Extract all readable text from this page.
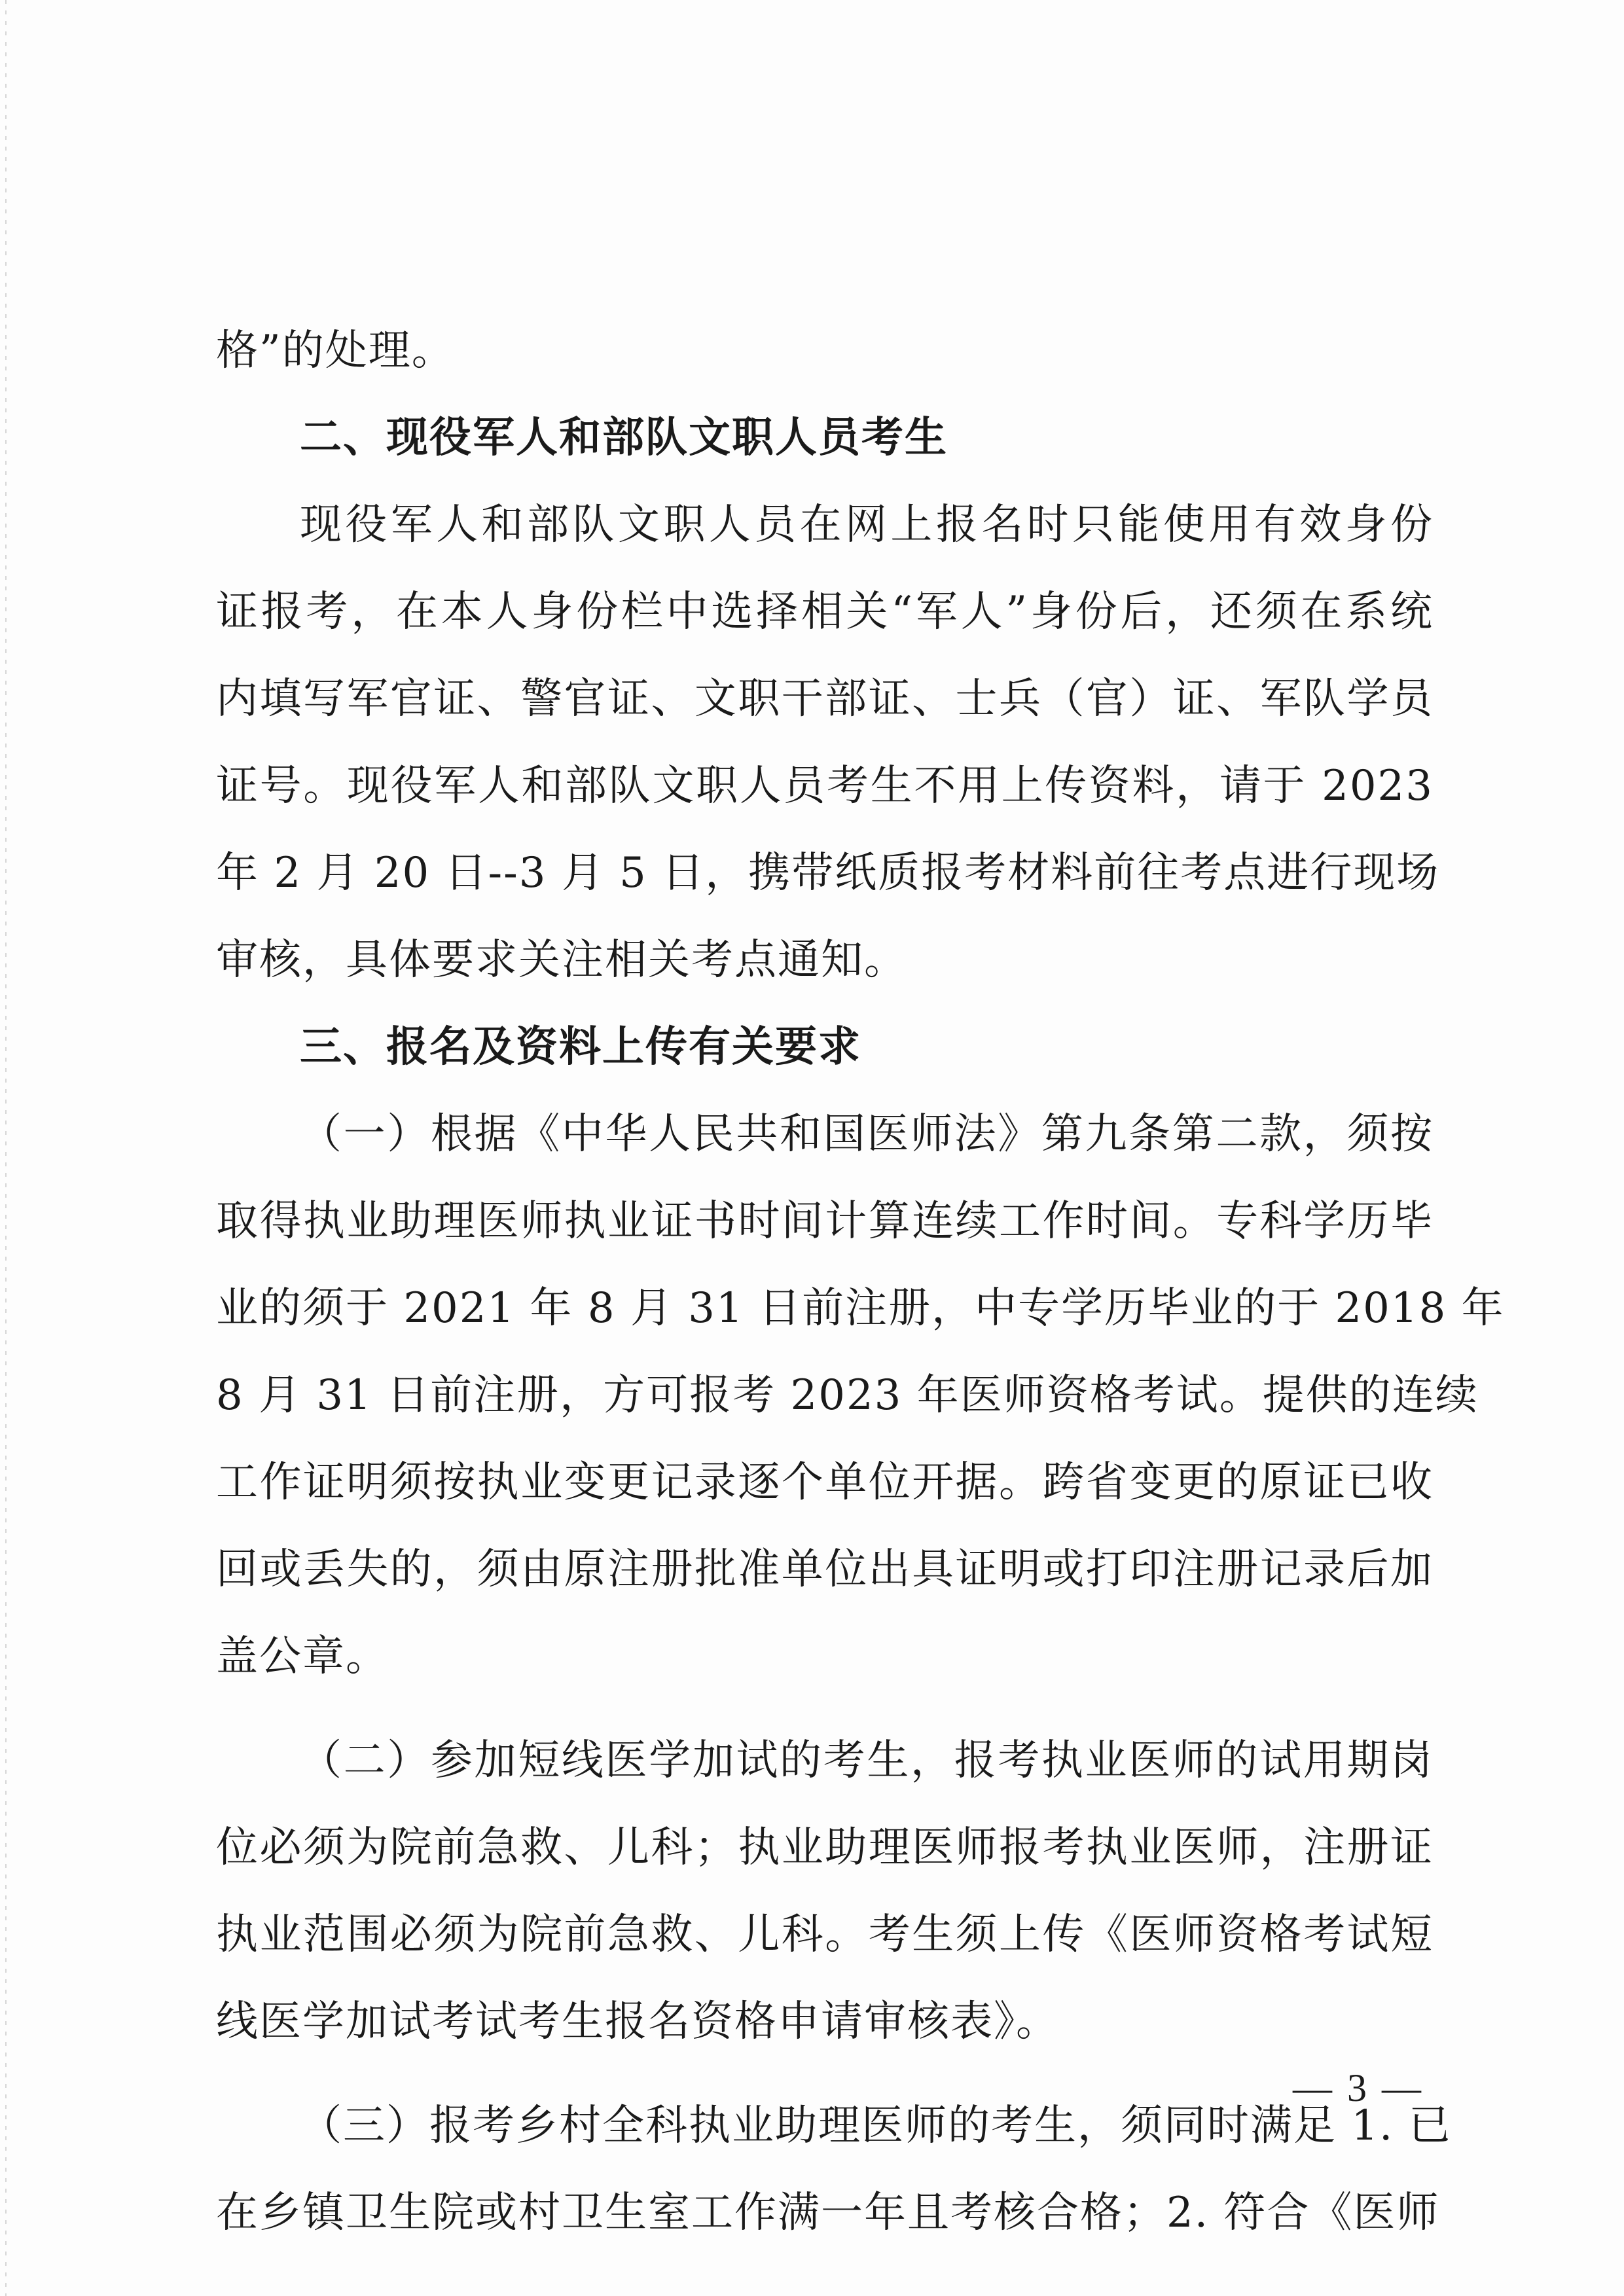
格”的处理。
二、现役军人和部队文职人员考生
现役军人和部队文职人员在网上报名时只能使用有效身份
证报考，在本人身份栏中选择相关“军人”身份后，还须在系统
内填写军官证、警官证、文职干部证、士兵（官）证、军队学员
证号。现役军人和部队文职人员考生不用上传资料，请于 2023
年 2 月 20 日--3 月 5 日，携带纸质报考材料前往考点进行现场
审核，具体要求关注相关考点通知。
三、报名及资料上传有关要求
（一）根据《中华人民共和国医师法》第九条第二款，须按
取得执业助理医师执业证书时间计算连续工作时间。专科学历毕
业的须于 2021 年 8 月 31 日前注册，中专学历毕业的于 2018 年
8 月 31 日前注册，方可报考 2023 年医师资格考试。提供的连续
工作证明须按执业变更记录逐个单位开据。跨省变更的原证已收
回或丢失的，须由原注册批准单位出具证明或打印注册记录后加
盖公章。
（二）参加短线医学加试的考生，报考执业医师的试用期岗
位必须为院前急救、儿科；执业助理医师报考执业医师，注册证
执业范围必须为院前急救、儿科。考生须上传《医师资格考试短
线医学加试考试考生报名资格申请审核表》。
（三）报考乡村全科执业助理医师的考生，须同时满足 1. 已
在乡镇卫生院或村卫生室工作满一年且考核合格；2. 符合《医师
— 3 —
